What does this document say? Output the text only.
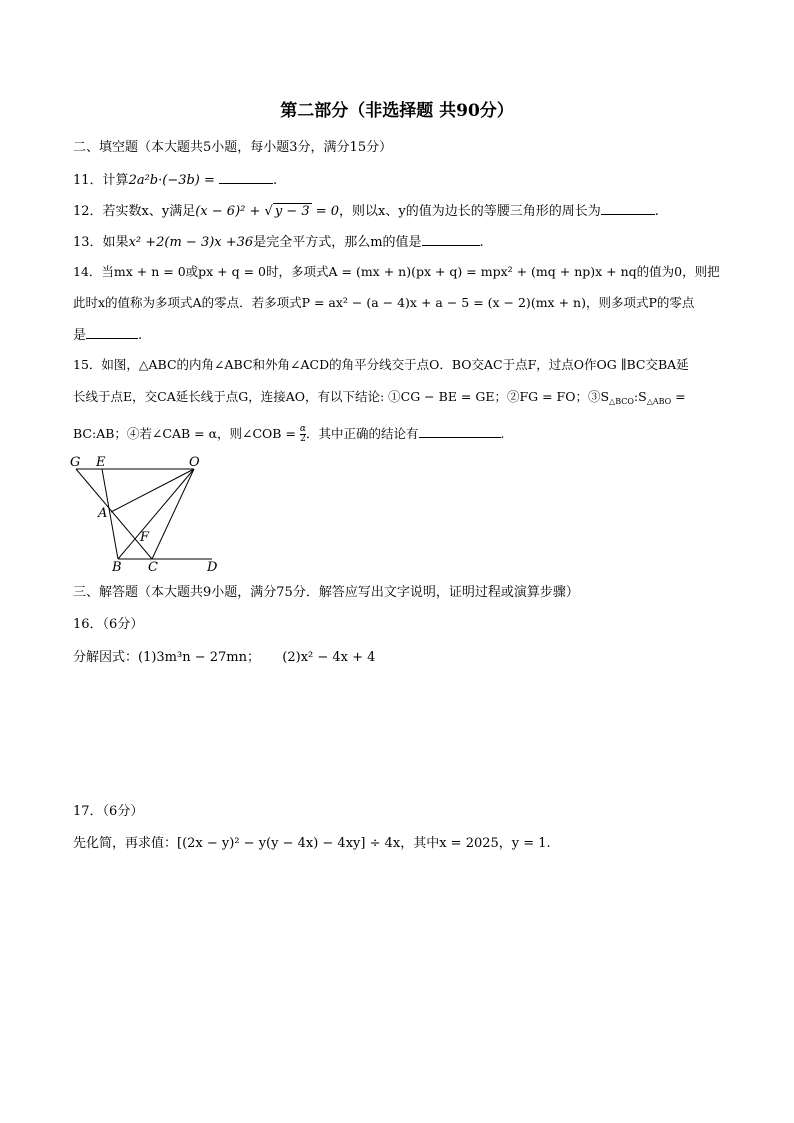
第二部分（非选择题 共90分）
二、填空题（本大题共5小题，每小题3分，满分15分）
11．计算2a²b·(−3b) =	.
12．若实数x、y满足(x − 6)² + √ y − 3 = 0，则以x、y的值为边长的等腰三角形的周长为	.
13．如果x² +2(m − 3)x +36是完全平方式，那么m的值是	.
14．当mx + n = 0或px + q = 0时，多项式A = (mx + n)(px + q) = mpx² + (mq + np)x + nq的值为0，则把
此时x的值称为多项式A的零点．若多项式P = ax² − (a − 4)x + a − 5 = (x − 2)(mx + n)，则多项式P的零点
是	.
15．如图，△ABC的内角∠ABC和外角∠ACD的角平分线交于点O．BO交AC于点F，过点O作OG ∥BC交BA延
长线于点E，交CA延长线于点G，连接AO，有以下结论: ①CG − BE = GE；②FG = FO；$③S_{\triangle BCO}:S_{\triangle ABO}$ =
BC:AB；④若∠CAB = α，则∠COB = $\frac{\alpha}{2}$ ．其中正确的结论有	.
G E	O
A
F
B C	D
三、解答题（本大题共9小题，满分75分．解答应写出文字说明，证明过程或演算步骤）
16．（6分）
分解因式：(1)3m³n − 27mn； (2)x² − 4x + 4
17．（6分）
先化简，再求值：[(2x − y)² − y(y − 4x) − 4xy] ÷ 4x，其中x = 2025，y = 1.
